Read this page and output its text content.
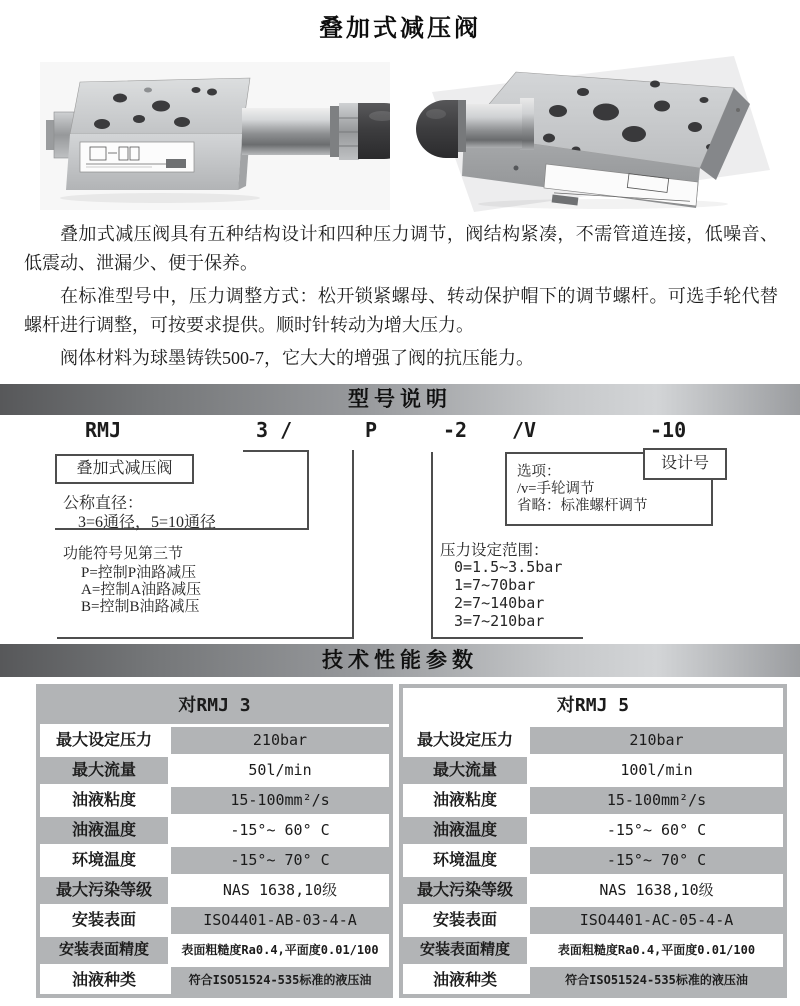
叠加式减压阀

叠加式减压阀具有五种结构设计和四种压力调节，阀结构紧凑，不需管道连接，低噪音、低震动、泄漏少、便于保养。

在标准型号中，压力调整方式：松开锁紧螺母、转动保护帽下的调节螺杆。可选手轮代替螺杆进行调整，可按要求提供。顺时针转动为增大压力。

阀体材料为球墨铸铁500-7，它大大的增强了阀的抗压能力。

型号说明
RMJ	3 /	P	-2 /V	-10
叠加式减压阀
公称直径：
3=6通径，5=10通径
功能符号见第三节
P=控制P油路减压
A=控制A油路减压
B=控制B油路减压
压力设定范围：
0=1.5~3.5bar
1=7~70bar
2=7~140bar
3=7~210bar
选项：
/v=手轮调节
省略：标准螺杆调节
设计号
技术性能参数
对RMJ 3
最大设定压力	210bar
最大流量	50l/min
油液粘度	15-100mm²/s
油液温度	-15°~ 60° C
环境温度	-15°~ 70° C
最大污染等级	NAS 1638,10级
安装表面	ISO4401-AB-03-4-A
安装表面精度	表面粗糙度Ra0.4,平面度0.01/100
油液种类	符合ISO51524-535标准的液压油
对RMJ 5
最大设定压力	210bar
最大流量	100l/min
油液粘度	15-100mm²/s
油液温度	-15°~ 60° C
环境温度	-15°~ 70° C
最大污染等级	NAS 1638,10级
安装表面	ISO4401-AC-05-4-A
安装表面精度	表面粗糙度Ra0.4,平面度0.01/100
油液种类	符合ISO51524-535标准的液压油
